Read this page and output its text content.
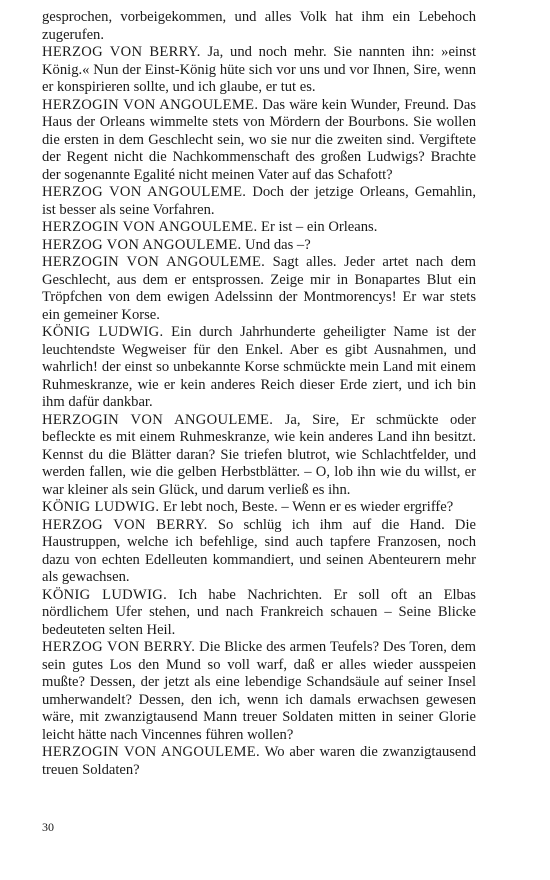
gesprochen, vorbeigekommen, und alles Volk hat ihm ein Lebehoch zugerufen.

HERZOG VON BERRY. Ja, und noch mehr. Sie nannten ihn: »einst König.« Nun der Einst-König hüte sich vor uns und vor Ihnen, Sire, wenn er konspirieren sollte, und ich glaube, er tut es.

HERZOGIN VON ANGOULEME. Das wäre kein Wunder, Freund. Das Haus der Orleans wimmelte stets von Mördern der Bourbons. Sie wollen die ersten in dem Geschlecht sein, wo sie nur die zweiten sind. Vergiftete der Regent nicht die Nachkommenschaft des großen Ludwigs? Brachte der sogenannte Egalité nicht meinen Vater auf das Schafott?

HERZOG VON ANGOULEME. Doch der jetzige Orleans, Gemahlin, ist besser als seine Vorfahren.

HERZOGIN VON ANGOULEME. Er ist – ein Orleans.

HERZOG VON ANGOULEME. Und das –?

HERZOGIN VON ANGOULEME. Sagt alles. Jeder artet nach dem Geschlecht, aus dem er entsprossen. Zeige mir in Bonapartes Blut ein Tröpfchen von dem ewigen Adelssinn der Montmorencys! Er war stets ein gemeiner Korse.

KÖNIG LUDWIG. Ein durch Jahrhunderte geheiligter Name ist der leuchtendste Wegweiser für den Enkel. Aber es gibt Ausnahmen, und wahrlich! der einst so unbekannte Korse schmückte mein Land mit einem Ruhmeskranze, wie er kein anderes Reich dieser Erde ziert, und ich bin ihm dafür dankbar.

HERZOGIN VON ANGOULEME. Ja, Sire, Er schmückte oder befleckte es mit einem Ruhmeskranze, wie kein anderes Land ihn besitzt. Kennst du die Blätter daran? Sie triefen blutrot, wie Schlachtfelder, und werden fallen, wie die gelben Herbstblätter. – O, lob ihn wie du willst, er war kleiner als sein Glück, und darum verließ es ihn.

KÖNIG LUDWIG. Er lebt noch, Beste. – Wenn er es wieder ergriffe?

HERZOG VON BERRY. So schlüg ich ihm auf die Hand. Die Haustruppen, welche ich befehlige, sind auch tapfere Franzosen, noch dazu von echten Edelleuten kommandiert, und seinen Abenteurern mehr als gewachsen.

KÖNIG LUDWIG. Ich habe Nachrichten. Er soll oft an Elbas nördlichem Ufer stehen, und nach Frankreich schauen – Seine Blicke bedeuteten selten Heil.

HERZOG VON BERRY. Die Blicke des armen Teufels? Des Toren, dem sein gutes Los den Mund so voll warf, daß er alles wieder ausspeien mußte? Dessen, der jetzt als eine lebendige Schandsäule auf seiner Insel umherwandelt? Dessen, den ich, wenn ich damals erwachsen gewesen wäre, mit zwanzigtausend Mann treuer Soldaten mitten in seiner Glorie leicht hätte nach Vincennes führen wollen?

HERZOGIN VON ANGOULEME. Wo aber waren die zwanzigtausend treuen Soldaten?

30
